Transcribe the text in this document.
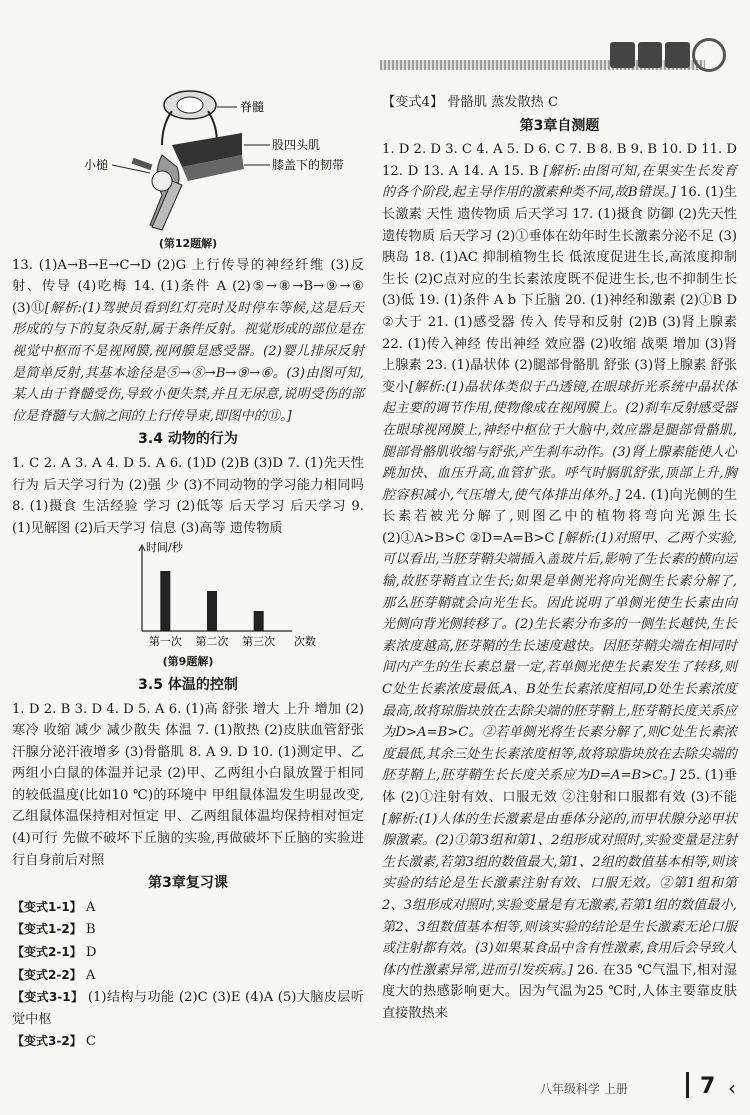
脊髓
股四头肌
膝盖下的韧带
小槌

(第12题解)

13. (1)A→B→E→C→D (2)G 上行传导的神经纤维 (3)反射、传导 (4)吃梅 14. (1)条件 A (2)⑤→⑧→B→⑨→⑥ (3)⑪[解析:(1)驾驶员看到红灯亮时及时停车等候,这是后天形成的与下的复杂反射,属于条件反射。视觉形成的部位是在视觉中枢而不是视网膜,视网膜是感受器。(2)婴儿排尿反射是简单反射,其基本途径是⑤→⑧→B→⑨→⑥。(3)由图可知,某人由于脊髓受伤,导致小便失禁,并且无尿意,说明受伤的部位是脊髓与大脑之间的上行传导束,即图中的⑪。]

3.4 动物的行为

1. C 2. A 3. A 4. D 5. A 6. (1)D (2)B (3)D 7. (1)先天性行为 后天学习行为 (2)强 少 (3)不同动物的学习能力相同吗 8. (1)摄食 生活经验 学习 (2)低等 后天学习 后天学习 9. (1)见解图 (2)后天学习 信息 (3)高等 遗传物质

时间/秒
次数
第一次 第二次 第三次

(第9题解)

3.5 体温的控制

1. D 2. B 3. D 4. D 5. A 6. (1)高 舒张 增大 上升 增加 (2)寒冷 收缩 减少 减少散失 体温 7. (1)散热 (2)皮肤血管舒张 汗腺分泌汗液增多 (3)骨骼肌 8. A 9. D 10. (1)测定甲、乙两组小白鼠的体温并记录 (2)甲、乙两组小白鼠放置于相同的较低温度(比如10 ℃)的环境中 甲组鼠体温发生明显改变,乙组鼠体温保持相对恒定 甲、乙两组鼠体温均保持相对恒定 (4)可行 先做不破坏下丘脑的实验,再做破坏下丘脑的实验进行自身前后对照

第3章复习课

【变式1-1】 A

【变式1-2】 B

【变式2-1】 D

【变式2-2】 A

【变式3-1】 (1)结构与功能 (2)C (3)E (4)A (5)大脑皮层听觉中枢

【变式3-2】 C

【变式4】 骨骼肌 蒸发散热 C

第3章自测题

1. D 2. D 3. C 4. A 5. D 6. C 7. B 8. B 9. B 10. D 11. D 12. D 13. A 14. A 15. B [解析:由图可知,在果实生长发育的各个阶段,起主导作用的激素种类不同,故B错误。] 16. (1)生长激素 天性 遗传物质 后天学习 17. (1)摄食 防御 (2)先天性 遗传物质 后天学习 (2)①垂体在幼年时生长激素分泌不足 (3)胰岛 18. (1)AC 抑制植物生长 低浓度促进生长,高浓度抑制生长 (2)C点对应的生长素浓度既不促进生长,也不抑制生长 (3)低 19. (1)条件 A b 下丘脑 20. (1)神经和激素 (2)①B D ②大于 21. (1)感受器 传入 传导和反射 (2)B (3)肾上腺素 22. (1)传入神经 传出神经 效应器 (2)收缩 战栗 增加 (3)肾上腺素 23. (1)晶状体 (2)腿部骨骼肌 舒张 (3)肾上腺素 舒张 变小[解析:(1)晶状体类似于凸透镜,在眼球折光系统中晶状体起主要的调节作用,使物像成在视网膜上。(2)刹车反射感受器在眼球视网膜上,神经中枢位于大脑中,效应器是腿部骨骼肌,腿部骨骼肌收缩与舒张,产生刹车动作。(3)肾上腺素能使人心跳加快、血压升高,血管扩张。呼气时膈肌舒张,顶部上升,胸腔容积减小,气压增大,使气体排出体外。] 24. (1)向光侧的生长素若被光分解了,则图乙中的植物将弯向光源生长 (2)①A>B>C ②D=A=B>C [解析:(1)对照甲、乙两个实验,可以看出,当胚芽鞘尖端插入盖玻片后,影响了生长素的横向运输,故胚芽鞘直立生长;如果是单侧光将向光侧生长素分解了,那么胚芽鞘就会向光生长。因此说明了单侧光使生长素由向光侧向背光侧转移了。(2)生长素分布多的一侧生长越快,生长素浓度越高,胚芽鞘的生长速度越快。因胚芽鞘尖端在相同时间内产生的生长素总量一定,若单侧光使生长素发生了转移,则C处生长素浓度最低,A、B处生长素浓度相同,D处生长素浓度最高,故将琼脂块放在去除尖端的胚芽鞘上,胚芽鞘长度关系应为D>A=B>C。②若单侧光将生长素分解了,则C处生长素浓度最低,其余三处生长素浓度相等,故将琼脂块放在去除尖端的胚芽鞘上,胚芽鞘生长长度关系应为D=A=B>C。] 25. (1)垂体 (2)①注射有效、口服无效 ②注射和口服都有效 (3)不能[解析:(1)人体的生长激素是由垂体分泌的,而甲状腺分泌甲状腺激素。(2)①第3组和第1、2组形成对照时,实验变量是注射生长激素,若第3组的数值最大,第1、2组的数值基本相等,则该实验的结论是生长激素注射有效、口服无效。②第1组和第2、3组形成对照时,实验变量是有无激素,若第1组的数值最小,第2、3组数值基本相等,则该实验的结论是生长激素无论口服或注射都有效。(3)如果某食品中含有性激素,食用后会导致人体内性激素异常,进而引发疾病。] 26. 在35 ℃气温下,相对湿度大的热感影响更大。因为气温为25 ℃时,人体主要靠皮肤直接散热来

八年级科学 上册	7 ‹
